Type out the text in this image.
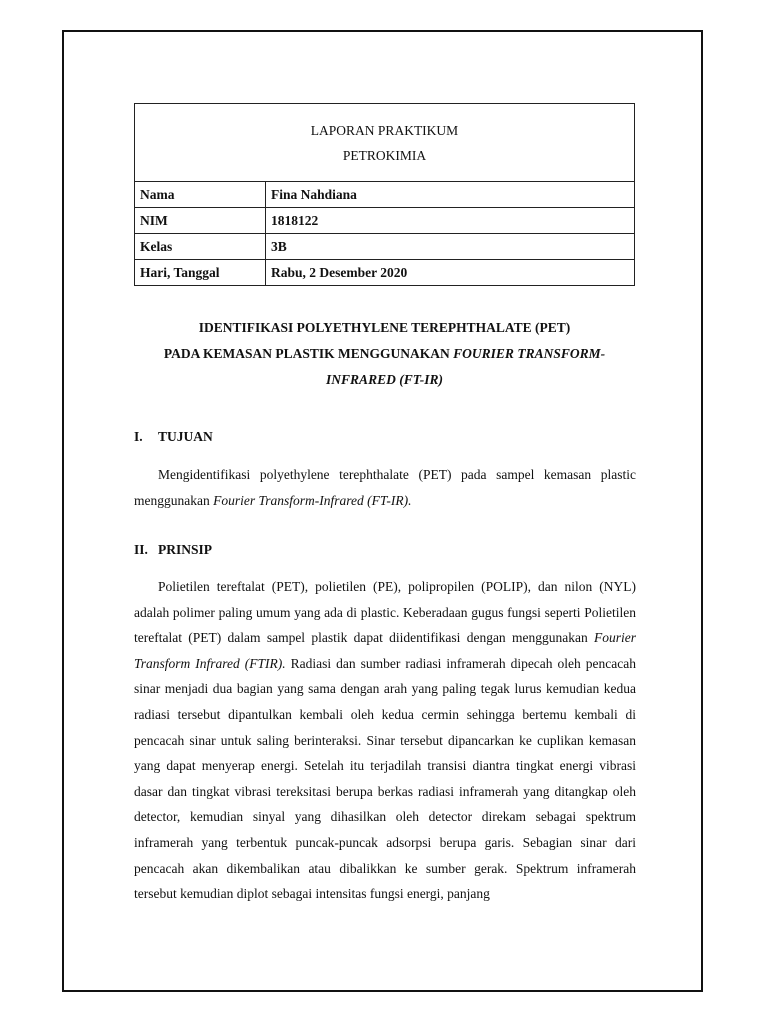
LAPORAN PRAKTIKUM
PETROKIMIA	

Nama	Fina Nahdiana
NIM	1818122
Kelas	3B
Hari, Tanggal	Rabu, 2 Desember 2020
IDENTIFIKASI POLYETHYLENE TEREPHTHALATE (PET)
PADA KEMASAN PLASTIK MENGGUNAKAN FOURIER TRANSFORM-
INFRARED (FT-IR)
I. TUJUAN

Mengidentifikasi polyethylene terephthalate (PET) pada sampel kemasan plastic menggunakan Fourier Transform-Infrared (FT-IR).

II. PRINSIP

Polietilen tereftalat (PET), polietilen (PE), polipropilen (POLIP), dan nilon (NYL) adalah polimer paling umum yang ada di plastic. Keberadaan gugus fungsi seperti Polietilen tereftalat (PET) dalam sampel plastik dapat diidentifikasi dengan menggunakan Fourier Transform Infrared (FTIR). Radiasi dan sumber radiasi inframerah dipecah oleh pencacah sinar menjadi dua bagian yang sama dengan arah yang paling tegak lurus kemudian kedua radiasi tersebut dipantulkan kembali oleh kedua cermin sehingga bertemu kembali di pencacah sinar untuk saling berinteraksi. Sinar tersebut dipancarkan ke cuplikan kemasan yang dapat menyerap energi. Setelah itu terjadilah transisi diantra tingkat energi vibrasi dasar dan tingkat vibrasi tereksitasi berupa berkas radiasi inframerah yang ditangkap oleh detector, kemudian sinyal yang dihasilkan oleh detector direkam sebagai spektrum inframerah yang terbentuk puncak-puncak adsorpsi berupa garis. Sebagian sinar dari pencacah akan dikembalikan atau dibalikkan ke sumber gerak. Spektrum inframerah tersebut kemudian diplot sebagai intensitas fungsi energi, panjang
